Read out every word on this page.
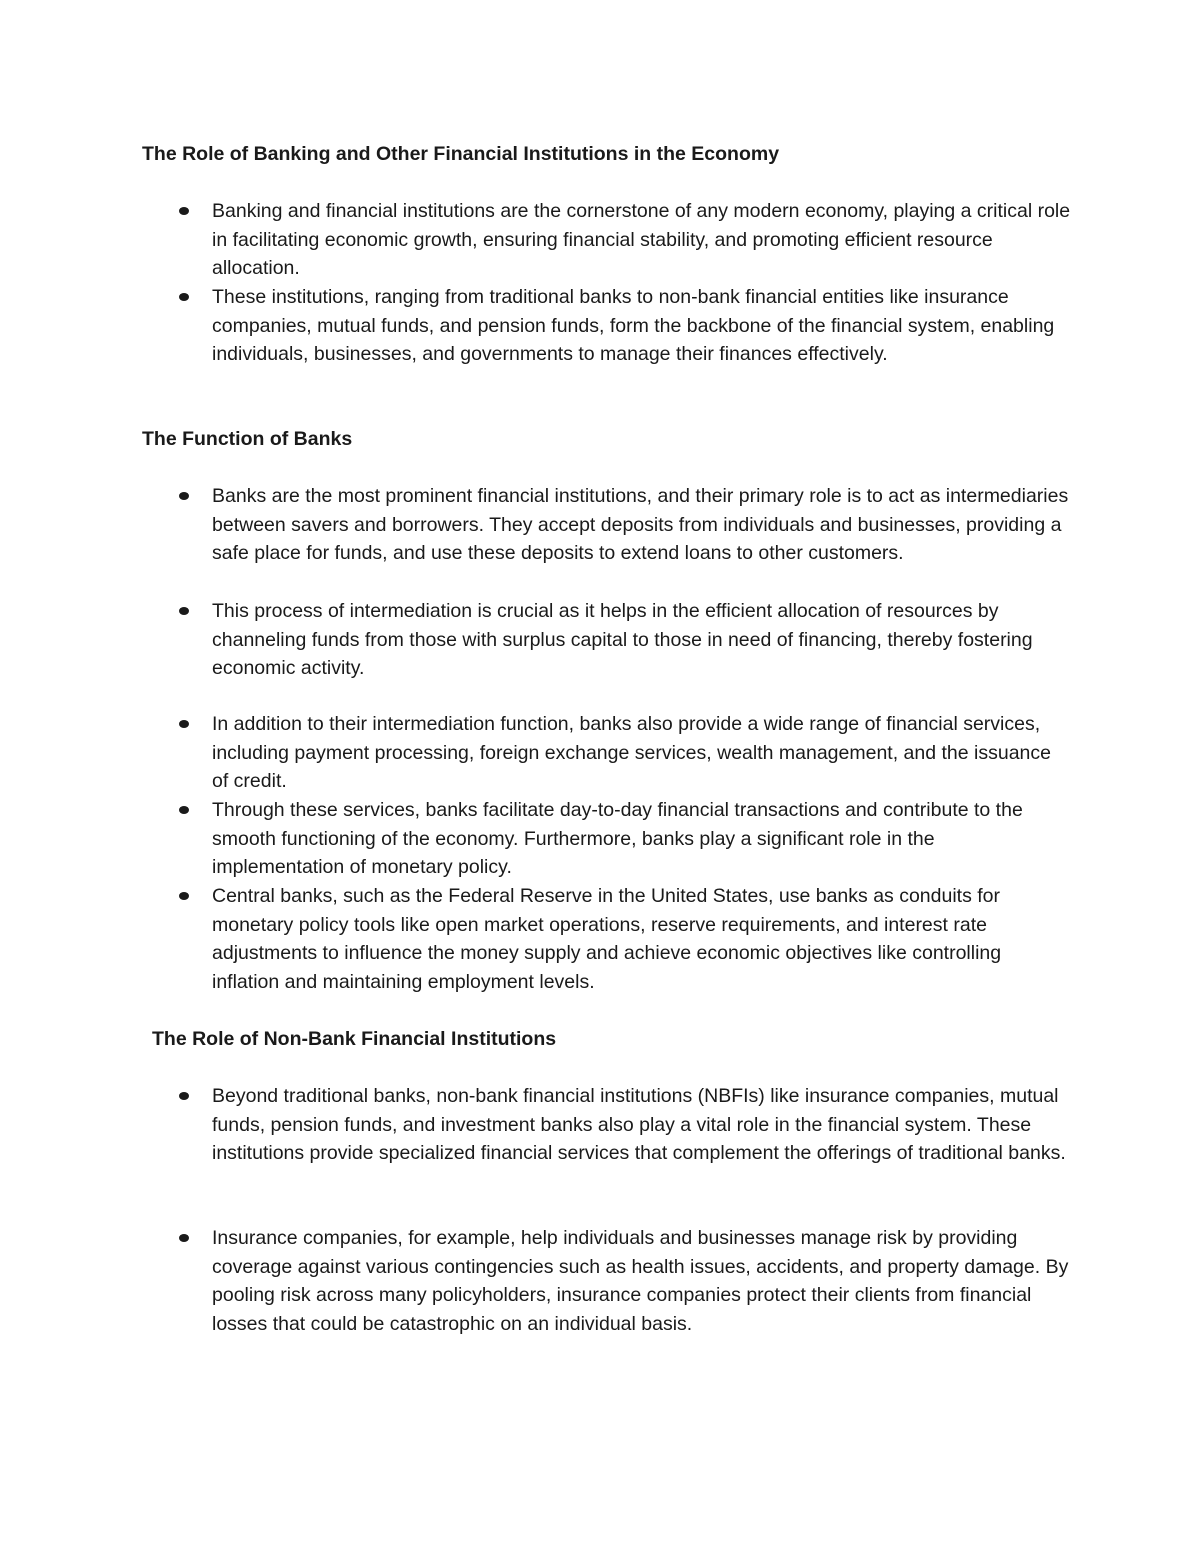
The Role of Banking and Other Financial Institutions in the Economy

Banking and financial institutions are the cornerstone of any modern economy, playing a critical role in facilitating economic growth, ensuring financial stability, and promoting efficient resource allocation.

These institutions, ranging from traditional banks to non-bank financial entities like insurance companies, mutual funds, and pension funds, form the backbone of the financial system, enabling individuals, businesses, and governments to manage their finances effectively.

The Function of Banks

Banks are the most prominent financial institutions, and their primary role is to act as intermediaries between savers and borrowers. They accept deposits from individuals and businesses, providing a safe place for funds, and use these deposits to extend loans to other customers.

This process of intermediation is crucial as it helps in the efficient allocation of resources by channeling funds from those with surplus capital to those in need of financing, thereby fostering economic activity.

In addition to their intermediation function, banks also provide a wide range of financial services, including payment processing, foreign exchange services, wealth management, and the issuance of credit.

Through these services, banks facilitate day-to-day financial transactions and contribute to the smooth functioning of the economy. Furthermore, banks play a significant role in the implementation of monetary policy.

Central banks, such as the Federal Reserve in the United States, use banks as conduits for monetary policy tools like open market operations, reserve requirements, and interest rate adjustments to influence the money supply and achieve economic objectives like controlling inflation and maintaining employment levels.

The Role of Non-Bank Financial Institutions

Beyond traditional banks, non-bank financial institutions (NBFIs) like insurance companies, mutual funds, pension funds, and investment banks also play a vital role in the financial system. These institutions provide specialized financial services that complement the offerings of traditional banks.

Insurance companies, for example, help individuals and businesses manage risk by providing coverage against various contingencies such as health issues, accidents, and property damage. By pooling risk across many policyholders, insurance companies protect their clients from financial losses that could be catastrophic on an individual basis.
